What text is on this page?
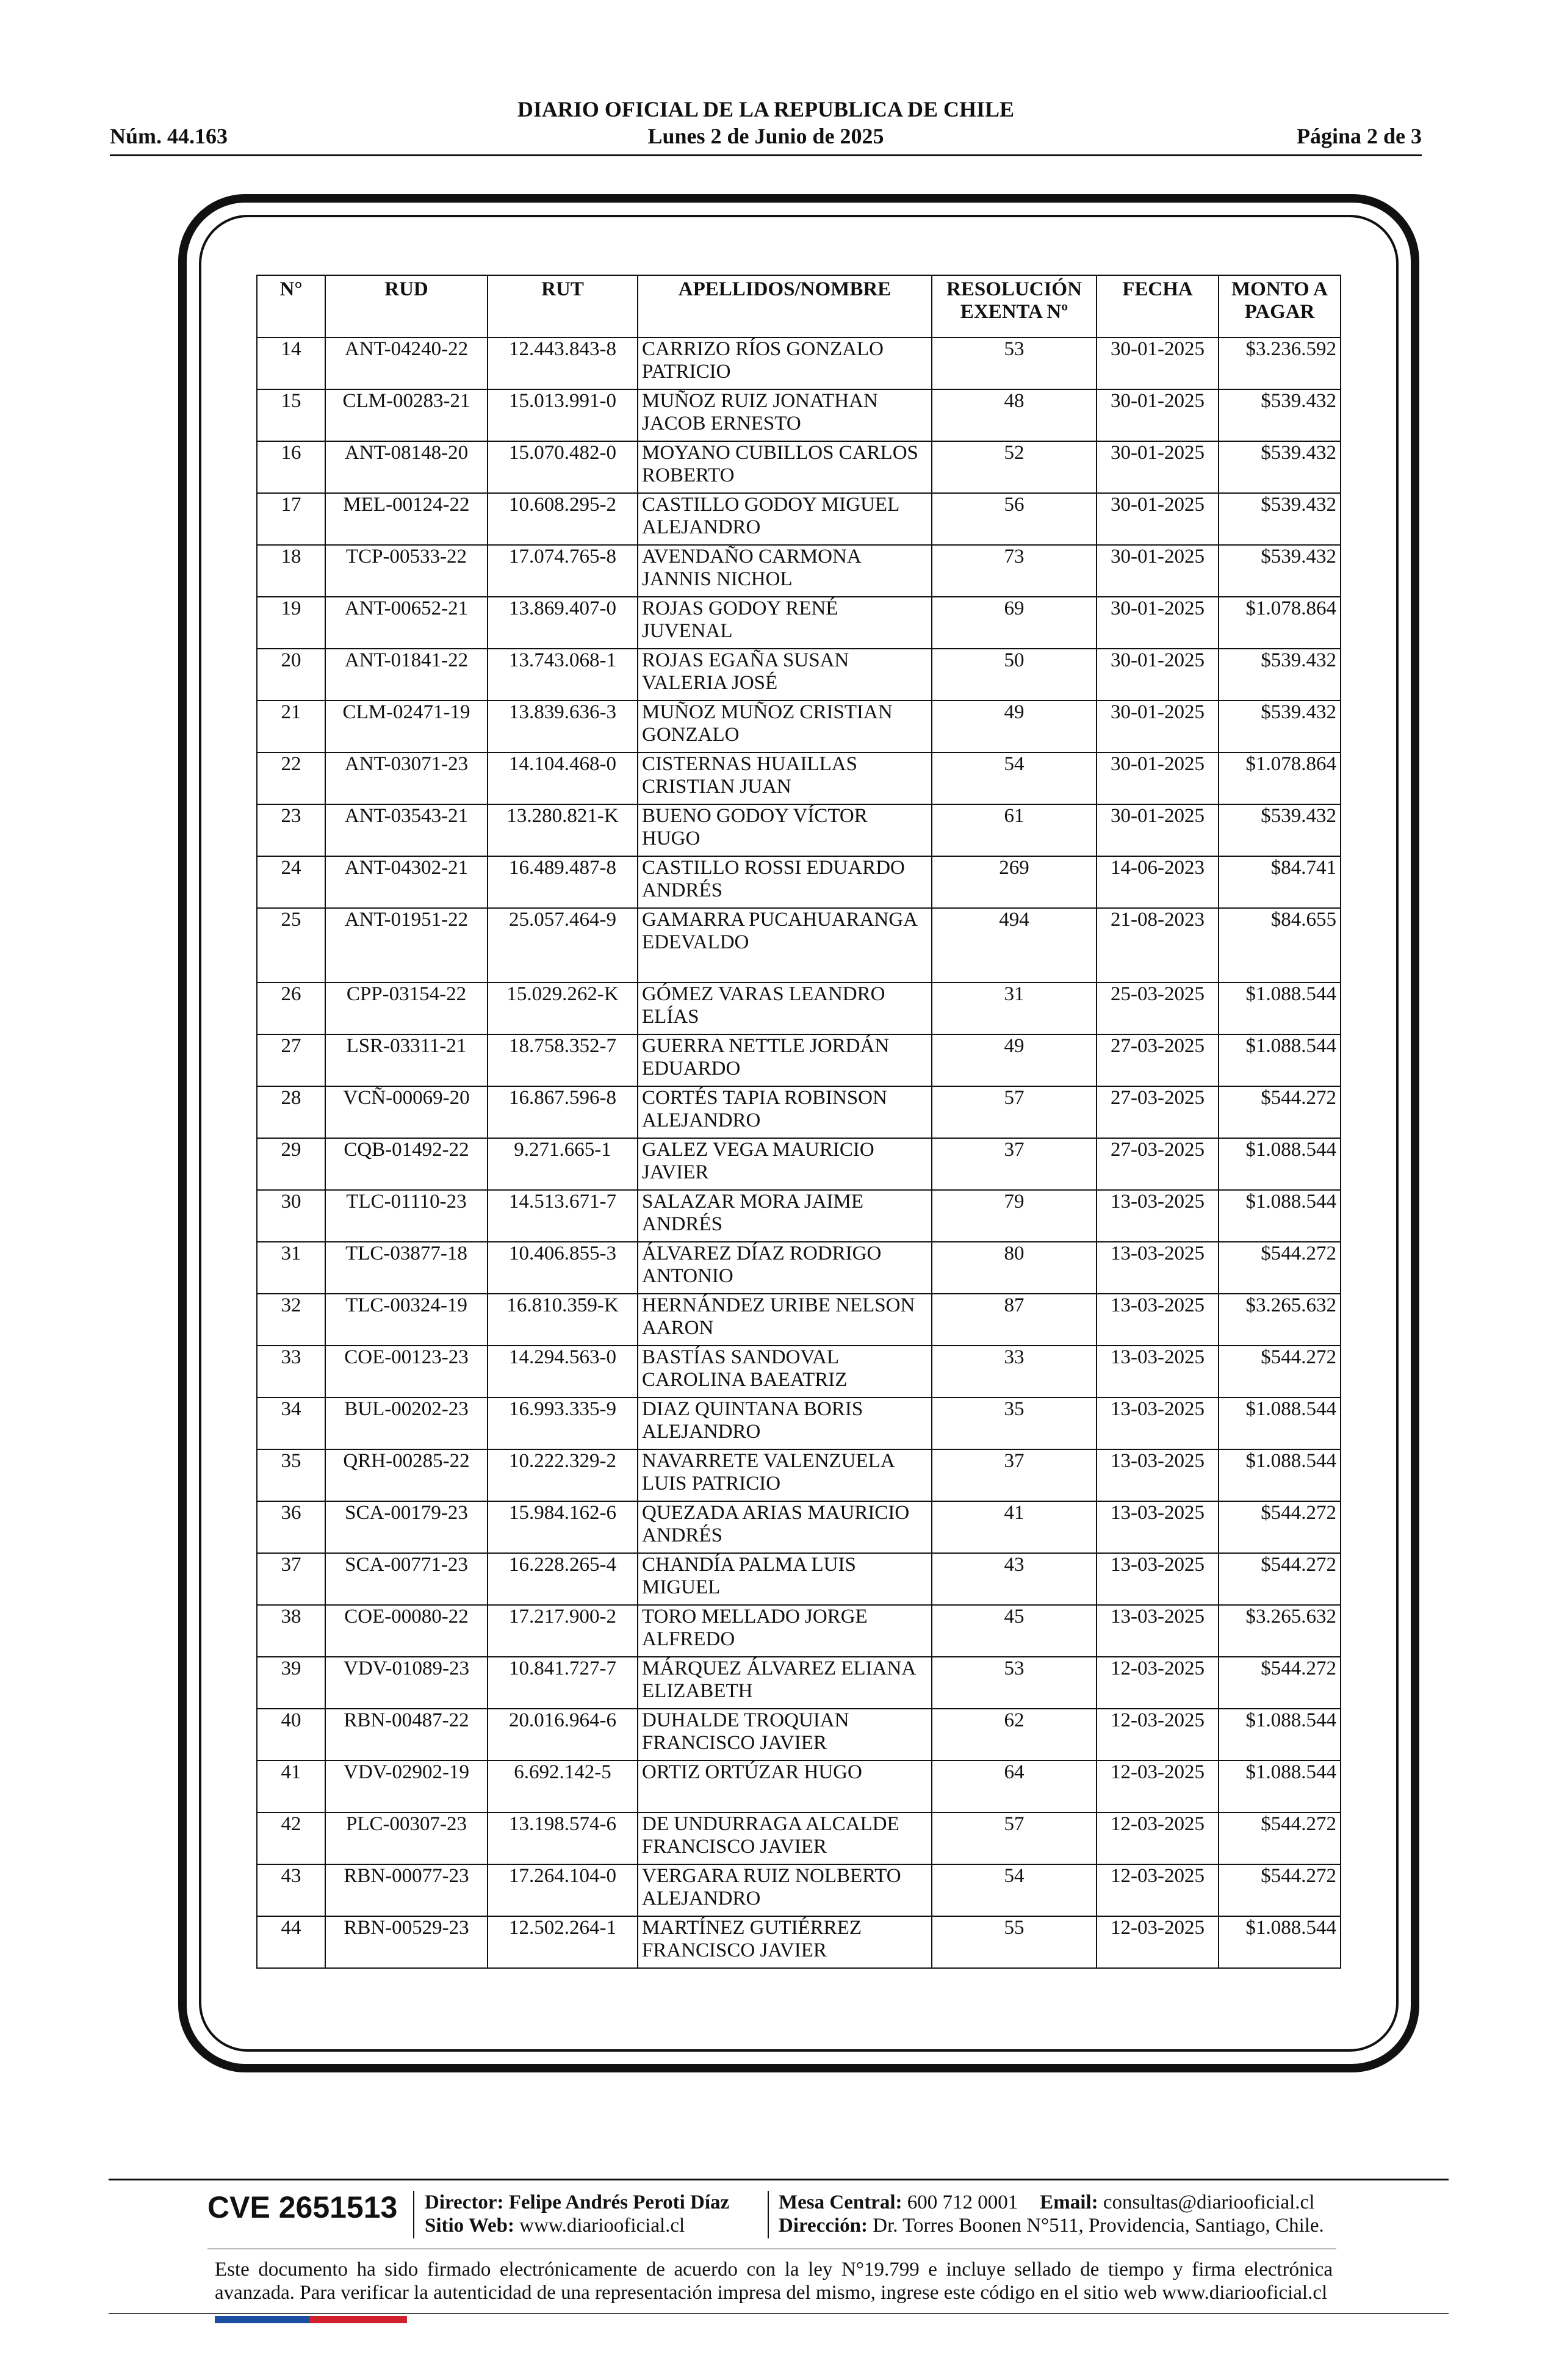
DIARIO OFICIAL DE LA REPUBLICA DE CHILE
Núm. 44.163	Lunes 2 de Junio de 2025	Página 2 de 3
N°	RUD	RUT	APELLIDOS/NOMBRE	RESOLUCIÓN EXENTA Nº	FECHA	MONTO A PAGAR
14	ANT-04240-22	12.443.843-8	CARRIZO RÍOS GONZALO PATRICIO	53	30-01-2025	$3.236.592
15	CLM-00283-21	15.013.991-0	MUÑOZ RUIZ JONATHAN JACOB ERNESTO	48	30-01-2025	$539.432
16	ANT-08148-20	15.070.482-0	MOYANO CUBILLOS CARLOS ROBERTO	52	30-01-2025	$539.432
17	MEL-00124-22	10.608.295-2	CASTILLO GODOY MIGUEL ALEJANDRO	56	30-01-2025	$539.432
18	TCP-00533-22	17.074.765-8	AVENDAÑO CARMONA JANNIS NICHOL	73	30-01-2025	$539.432
19	ANT-00652-21	13.869.407-0	ROJAS GODOY RENÉ JUVENAL	69	30-01-2025	$1.078.864
20	ANT-01841-22	13.743.068-1	ROJAS EGAÑA SUSAN VALERIA JOSÉ	50	30-01-2025	$539.432
21	CLM-02471-19	13.839.636-3	MUÑOZ MUÑOZ CRISTIAN GONZALO	49	30-01-2025	$539.432
22	ANT-03071-23	14.104.468-0	CISTERNAS HUAILLAS CRISTIAN JUAN	54	30-01-2025	$1.078.864
23	ANT-03543-21	13.280.821-K	BUENO GODOY VÍCTOR HUGO	61	30-01-2025	$539.432
24	ANT-04302-21	16.489.487-8	CASTILLO ROSSI EDUARDO ANDRÉS	269	14-06-2023	$84.741
25	ANT-01951-22	25.057.464-9	GAMARRA PUCAHUARANGA EDEVALDO	494	21-08-2023	$84.655
26	CPP-03154-22	15.029.262-K	GÓMEZ VARAS LEANDRO ELÍAS	31	25-03-2025	$1.088.544
27	LSR-03311-21	18.758.352-7	GUERRA NETTLE JORDÁN EDUARDO	49	27-03-2025	$1.088.544
28	VCÑ-00069-20	16.867.596-8	CORTÉS TAPIA ROBINSON ALEJANDRO	57	27-03-2025	$544.272
29	CQB-01492-22	9.271.665-1	GALEZ VEGA MAURICIO JAVIER	37	27-03-2025	$1.088.544
30	TLC-01110-23	14.513.671-7	SALAZAR MORA JAIME ANDRÉS	79	13-03-2025	$1.088.544
31	TLC-03877-18	10.406.855-3	ÁLVAREZ DÍAZ RODRIGO ANTONIO	80	13-03-2025	$544.272
32	TLC-00324-19	16.810.359-K	HERNÁNDEZ URIBE NELSON AARON	87	13-03-2025	$3.265.632
33	COE-00123-23	14.294.563-0	BASTÍAS SANDOVAL CAROLINA BAEATRIZ	33	13-03-2025	$544.272
34	BUL-00202-23	16.993.335-9	DIAZ QUINTANA BORIS ALEJANDRO	35	13-03-2025	$1.088.544
35	QRH-00285-22	10.222.329-2	NAVARRETE VALENZUELA LUIS PATRICIO	37	13-03-2025	$1.088.544
36	SCA-00179-23	15.984.162-6	QUEZADA ARIAS MAURICIO ANDRÉS	41	13-03-2025	$544.272
37	SCA-00771-23	16.228.265-4	CHANDÍA PALMA LUIS MIGUEL	43	13-03-2025	$544.272
38	COE-00080-22	17.217.900-2	TORO MELLADO JORGE ALFREDO	45	13-03-2025	$3.265.632
39	VDV-01089-23	10.841.727-7	MÁRQUEZ ÁLVAREZ ELIANA ELIZABETH	53	12-03-2025	$544.272
40	RBN-00487-22	20.016.964-6	DUHALDE TROQUIAN FRANCISCO JAVIER	62	12-03-2025	$1.088.544
41	VDV-02902-19	6.692.142-5	ORTIZ ORTÚZAR HUGO	64	12-03-2025	$1.088.544
42	PLC-00307-23	13.198.574-6	DE UNDURRAGA ALCALDE FRANCISCO JAVIER	57	12-03-2025	$544.272
43	RBN-00077-23	17.264.104-0	VERGARA RUIZ NOLBERTO ALEJANDRO	54	12-03-2025	$544.272
44	RBN-00529-23	12.502.264-1	MARTÍNEZ GUTIÉRREZ FRANCISCO JAVIER	55	12-03-2025	$1.088.544
CVE 2651513 Director: Felipe Andrés Peroti Díaz
Sitio Web: www.diariooficial.cl
Mesa Central: 600 712 0001 Email: consultas@diariooficial.cl
Dirección: Dr. Torres Boonen N°511, Providencia, Santiago, Chile.
Este documento ha sido firmado electrónicamente de acuerdo con la ley N°19.799 e incluye sellado de tiempo y firma electrónica avanzada. Para verificar la autenticidad de una representación impresa del mismo, ingrese este código en el sitio web www.diariooficial.cl
